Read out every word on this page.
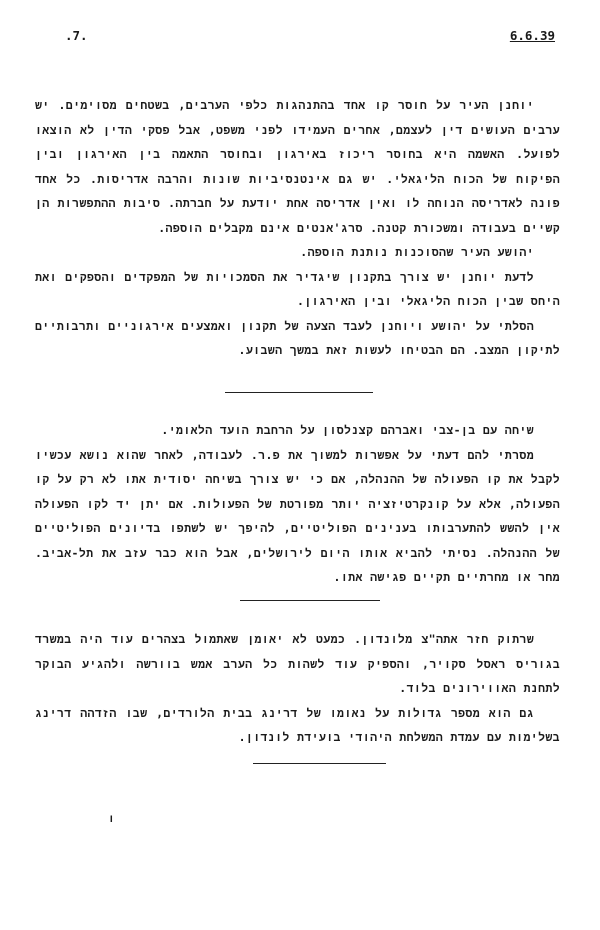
.7.	6.6.39

יוחנן העיר על חוסר קו אחד בהתנהגות כלפי הערבים, בשטחים מסוימים. יש ערבים העושים דין לעצמם, אחרים העמידו לפני משפט, אבל פסקי הדין לא הוצאו לפועל. האשמה היא בחוסר ריכוז באירגון ובחוסר התאמה בין האירגון ובין הפיקוח של הכוח הליגאלי. יש גם אינטנסיביות שונות והרבה אדריסות. כל אחד פונה לאדריסה הנוחה לו ואין אדריסה אחת יודעת על חברתה. סיבות ההתפשרות הן קשיים בעבודה ומשכורת קטנה. סרג'אנטים אינם מקבלים הוספה.

יהושע העיר שהסוכנות נותנת הוספה.

לדעת יוחנן יש צורך בתקנון שיגדיר את הסמכויות של המפקדים והספקים ואת היחס שבין הכוח הליגאלי ובין האירגון.

הסלתי על יהושע ויוחנן לעבד הצעה של תקנון ואמצעים אירגוניים ותרבותיים לתיקון המצב. הם הבטיחו לעשות זאת במשך השבוע.

שיחה עם בן-צבי ואברהם קצנלסון על הרחבת הועד הלאומי.

מסרתי להם דעתי על אפשרות למשוך את פ.ר. לעבודה, לאחר שהוא נושא עכשיו לקבל את קו הפעולה של ההנהלה, אם כי יש צורך בשיחה יסודית אתו לא רק על קו הפעולה, אלא על קונקרטיזציה יותר מפורטת של הפעולות. אם יתן יד לקו הפעולה אין להשש להתערבותו בענינים הפוליטיים, להיפך יש לשתפו בדיונים הפוליטיים של ההנהלה. נסיתי להביא אותו היום לירושלים, אבל הוא כבר עזב את תל-אביב. מחר או מחרתיים תקיים פגישה אתו.

שרתוק חזר אתה"צ מלונדון. כמעט לא יאומן שאתמול בצהרים עוד היה במשרד בגוריס ראסל סקויר, והספיק עוד לשהות כל הערב אמש בוורשה ולהגיע הבוקר לתחנת האווירונים בלוד.

גם הוא מספר גדולות על נאומו של דרינג בבית הלורדים, שבו הזדהה דרינג בשלימות עם עמדת המשלחת היהודי בועידת לונדון.

ו
